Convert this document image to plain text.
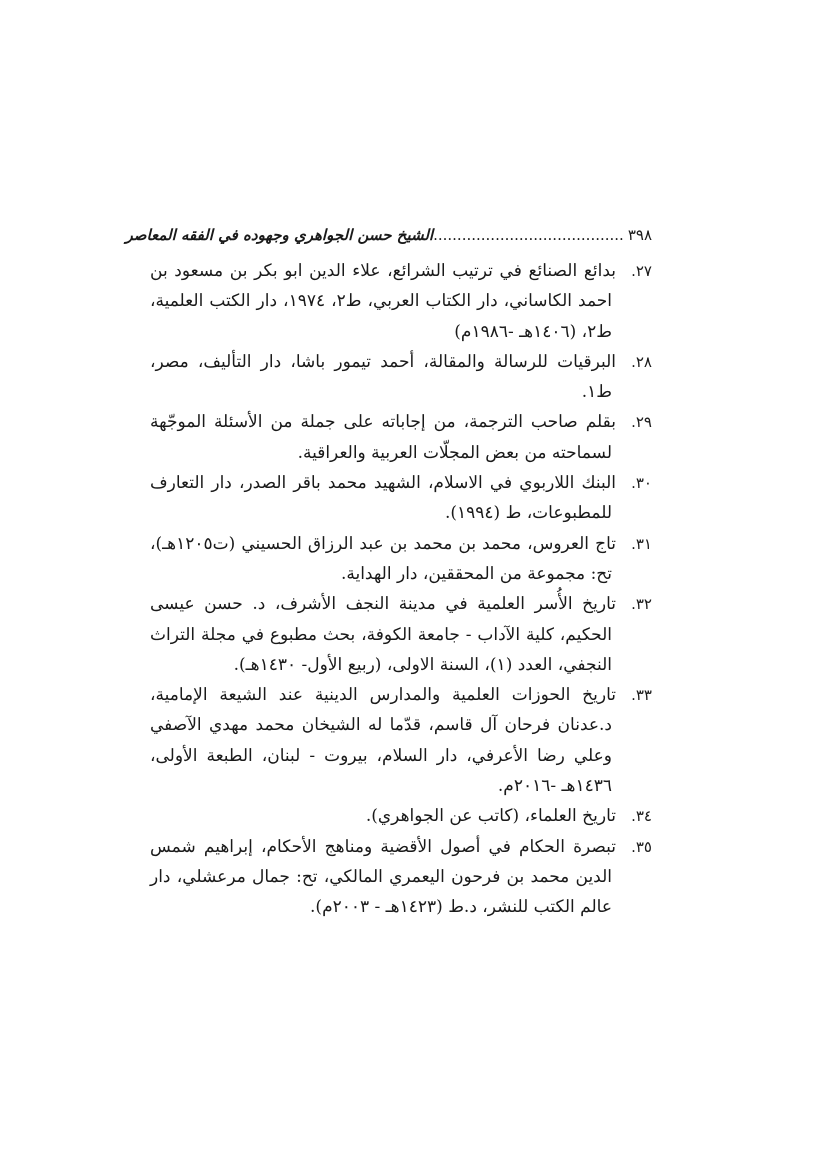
٣٩٨........................................الشيخ حسن الجواهري وجهوده في الفقه المعاصر

٢٧.بدائع الصنائع في ترتيب الشرائع، علاء الدين ابو بكر بن مسعود بن احمد الكاساني، دار الكتاب العربي، ط٢، ١٩٧٤، دار الكتب العلمية، ط٢، (١٤٠٦هـ -١٩٨٦م)

٢٨.البرقيات للرسالة والمقالة، أحمد تيمور باشا، دار التأليف، مصر، ط١.

٢٩.بقلم صاحب الترجمة، من إجاباته على جملة من الأسئلة الموجّهة لسماحته من بعض المجلّات العربية والعراقية.

٣٠.البنك اللاربوي في الاسلام، الشهيد محمد باقر الصدر، دار التعارف للمطبوعات، ط (١٩٩٤).

٣١.تاج العروس، محمد بن محمد بن عبد الرزاق الحسيني (ت١٢٠٥هـ)، تح: مجموعة من المحققين، دار الهداية.

٣٢.تاريخ الأُسر العلمية في مدينة النجف الأشرف، د. حسن عيسى الحكيم، كلية الآداب - جامعة الكوفة، بحث مطبوع في مجلة التراث النجفي، العدد (١)، السنة الاولى، (ربيع الأول- ١٤٣٠هـ).

٣٣.تاريخ الحوزات العلمية والمدارس الدينية عند الشيعة الإمامية، د.عدنان فرحان آل قاسم، قدّما له الشيخان محمد مهدي الآصفي وعلي رضا الأعرفي، دار السلام، بيروت - لبنان، الطبعة الأولى، ١٤٣٦هـ -٢٠١٦م.

٣٤.تاريخ العلماء، (كاتب عن الجواهري).

٣٥.تبصرة الحكام في أصول الأقضية ومناهج الأحكام، إبراهيم شمس الدين محمد بن فرحون اليعمري المالكي، تح: جمال مرعشلي، دار عالم الكتب للنشر، د.ط (١٤٢٣هـ - ٢٠٠٣م).
